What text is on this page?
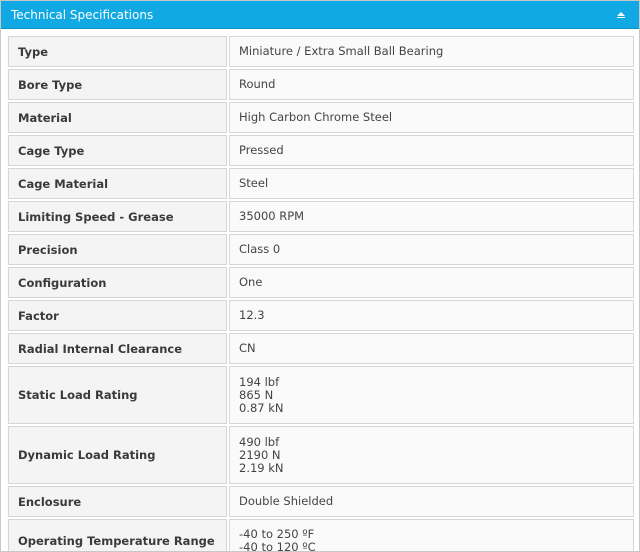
Technical Specifications
Type	Miniature / Extra Small Ball Bearing

Bore Type	Round

Material	High Carbon Chrome Steel

Cage Type	Pressed

Cage Material	Steel

Limiting Speed - Grease	35000 RPM

Precision	Class 0

Configuration	One

Factor	12.3

Radial Internal Clearance	CN

Static Load Rating	194 lbf
865 N
0.87 kN

Dynamic Load Rating	490 lbf
2190 N
2.19 kN

Enclosure	Double Shielded

Operating Temperature Range	-40 to 250 ºF
-40 to 120 ºC
